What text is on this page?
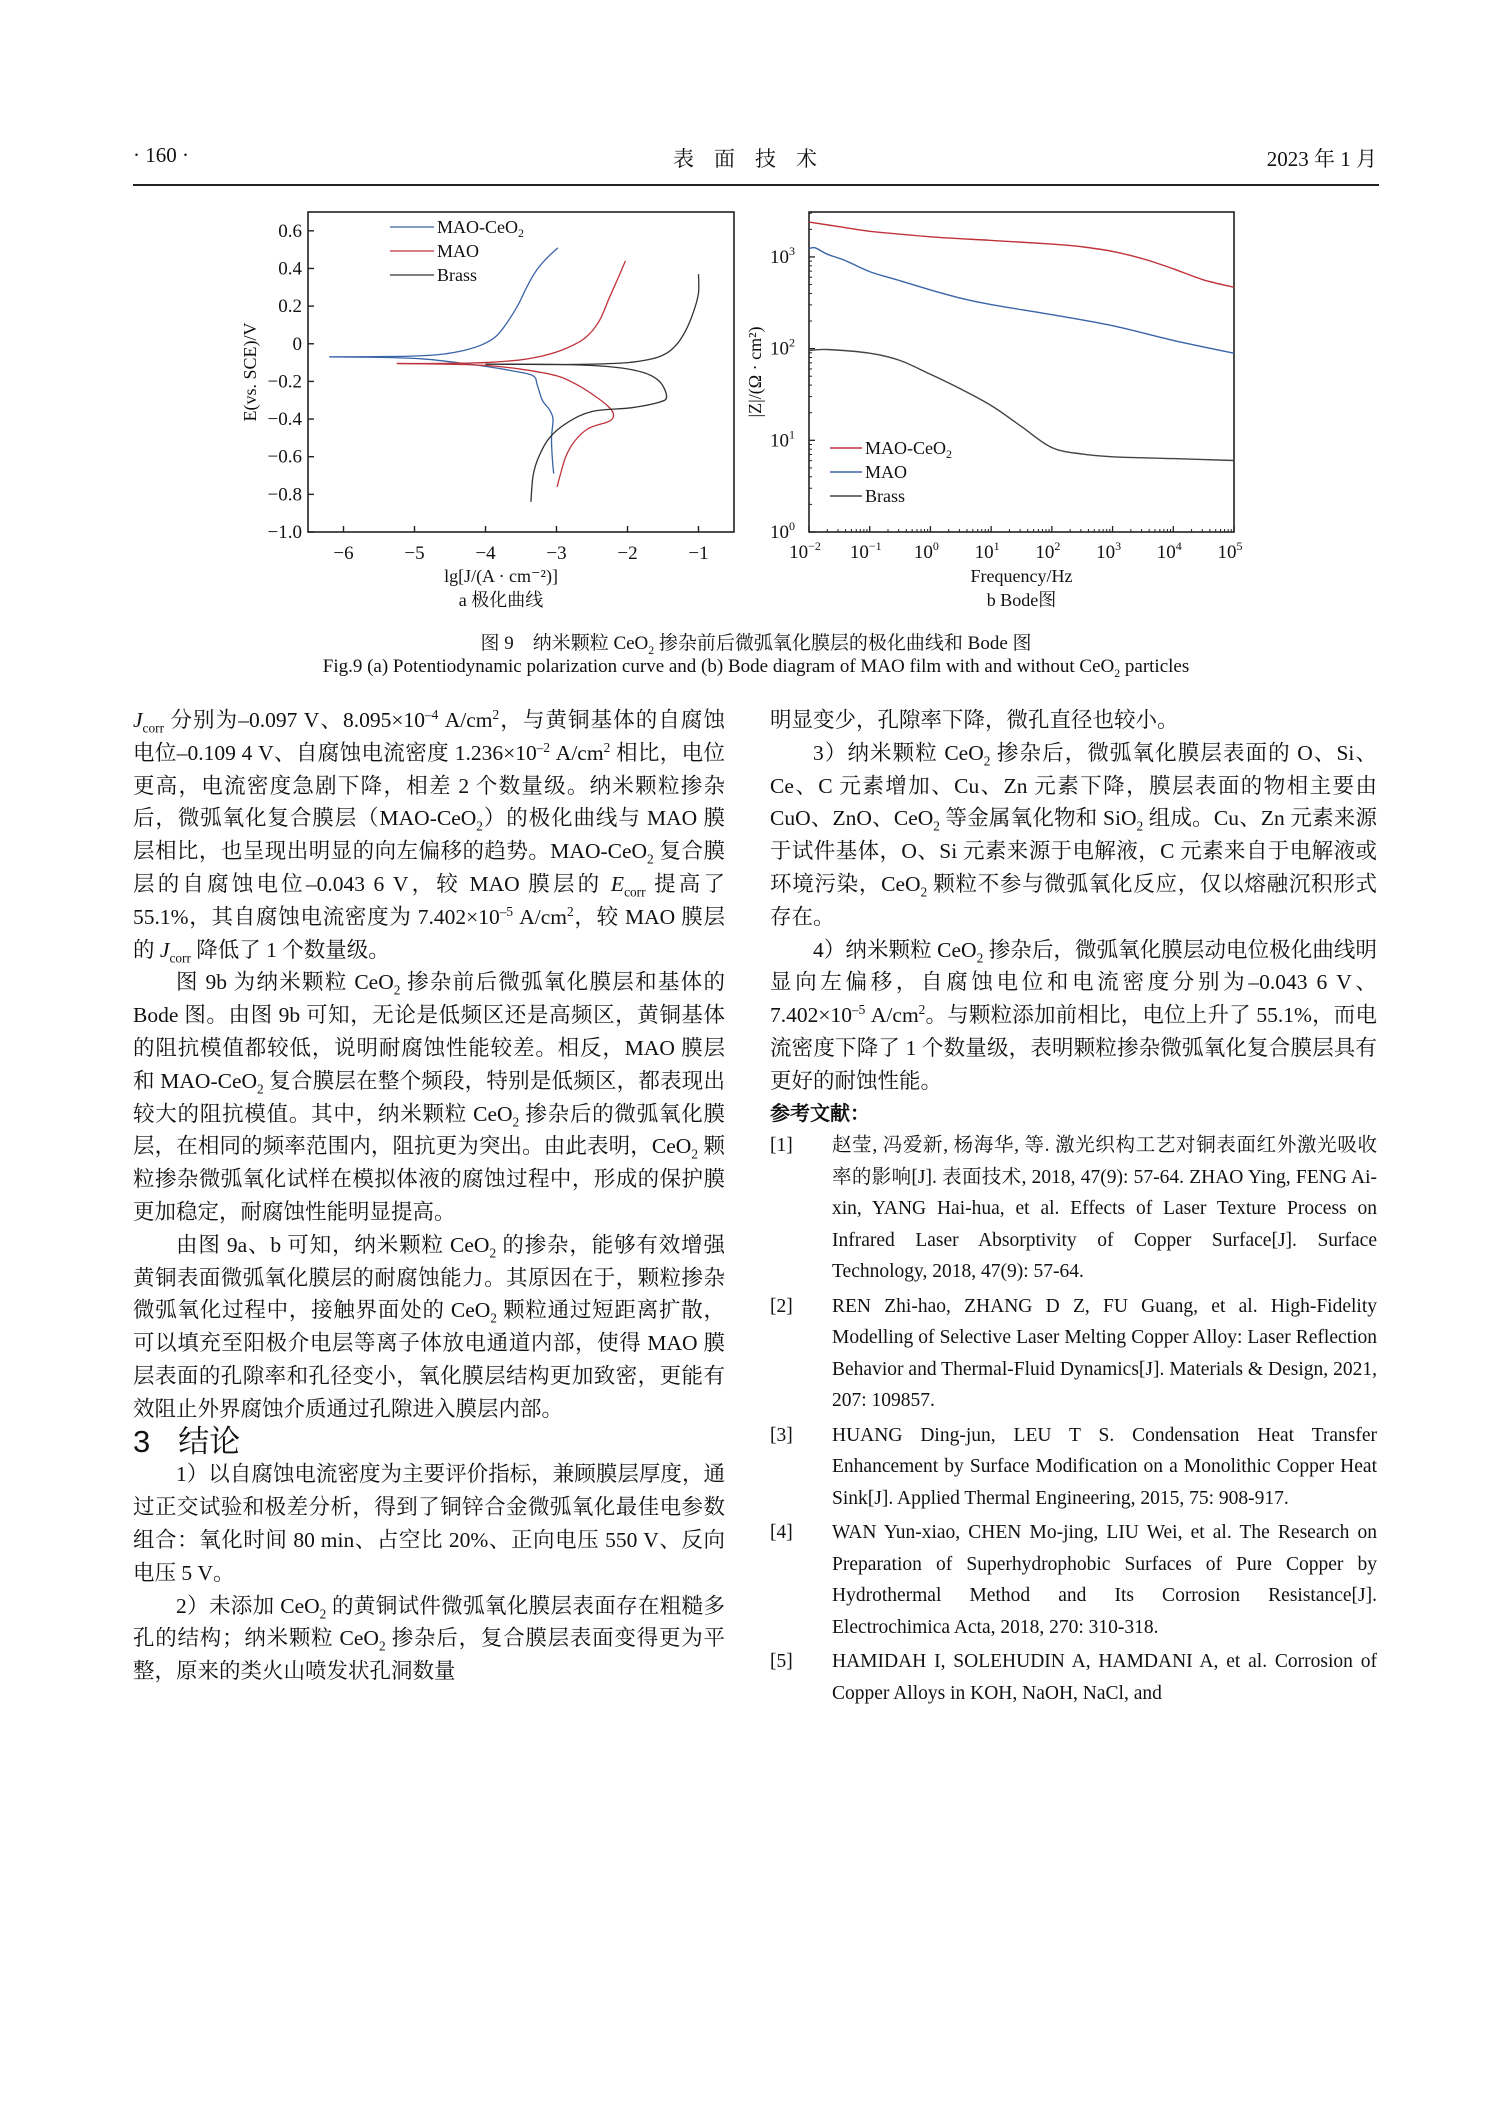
· 160 ·	表面技术	2023 年 1 月
−6	−5	−4	−3	−2	−1
0.6
0.4
0.2
0
−0.2
−0.4
−0.6
−0.8
−1.0
lg[J/(A · cm⁻²)]
E(vs. SCE)/V
a 极化曲线
MAO-CeO$_2$
MAO
Brass
$10^{-2}$ $10^{-1}$ $10^0$ $10^1$ $10^2$ $10^3$ $10^4$ $10^5$
$10^0$
$10^1$
$10^2$
$10^3$
Frequency/Hz
|Z|/(Ω · cm²)
b Bode图
MAO-CeO$_2$
MAO
Brass
图 9　纳米颗粒 CeO$_2$ 掺杂前后微弧氧化膜层的极化曲线和 Bode 图
Fig.9 (a) Potentiodynamic polarization curve and (b) Bode diagram of MAO film with and without CeO$_2$ particles

$J_{corr}$ 分别为–0.097 V、$8.095\times 10^{-4}$ $A/cm^2$，与黄铜基体的自腐蚀电位–0.109 4 V、自腐蚀电流密度 $1.236\times 10^{-2}$ $A/cm^2$ 相比，电位更高，电流密度急剧下降，相差 2 个数量级。纳米颗粒掺杂后，微弧氧化复合膜层（MAO-CeO$_2$）的极化曲线与 MAO 膜层相比，也呈现出明显的向左偏移的趋势。MAO-CeO$_2$ 复合膜层的自腐蚀电位–0.043 6 V，较 MAO 膜层的 $E_{corr}$ 提高了 55.1%，其自腐蚀电流密度为 $7.402\times 10^{-5}$ $A/cm^2$，较 MAO 膜层的 $J_{corr}$ 降低了 1 个数量级。

图 9b 为纳米颗粒 CeO$_2$ 掺杂前后微弧氧化膜层和基体的 Bode 图。由图 9b 可知，无论是低频区还是高频区，黄铜基体的阻抗模值都较低，说明耐腐蚀性能较差。相反，MAO 膜层和 MAO-CeO$_2$ 复合膜层在整个频段，特别是低频区，都表现出较大的阻抗模值。其中，纳米颗粒 CeO$_2$ 掺杂后的微弧氧化膜层，在相同的频率范围内，阻抗更为突出。由此表明，CeO$_2$ 颗粒掺杂微弧氧化试样在模拟体液的腐蚀过程中，形成的保护膜更加稳定，耐腐蚀性能明显提高。

由图 9a、b 可知，纳米颗粒 CeO$_2$ 的掺杂，能够有效增强黄铜表面微弧氧化膜层的耐腐蚀能力。其原因在于，颗粒掺杂微弧氧化过程中，接触界面处的 CeO$_2$ 颗粒通过短距离扩散，可以填充至阳极介电层等离子体放电通道内部，使得 MAO 膜层表面的孔隙率和孔径变小，氧化膜层结构更加致密，更能有效阻止外界腐蚀介质通过孔隙进入膜层内部。

3 结论

1）以自腐蚀电流密度为主要评价指标，兼顾膜层厚度，通过正交试验和极差分析，得到了铜锌合金微弧氧化最佳电参数组合：氧化时间 80 min、占空比 20%、正向电压 550 V、反向电压 5 V。

2）未添加 CeO$_2$ 的黄铜试件微弧氧化膜层表面存在粗糙多孔的结构；纳米颗粒 CeO$_2$ 掺杂后，复合膜层表面变得更为平整，原来的类火山喷发状孔洞数量

明显变少，孔隙率下降，微孔直径也较小。

3）纳米颗粒 CeO$_2$ 掺杂后，微弧氧化膜层表面的 O、Si、Ce、C 元素增加、Cu、Zn 元素下降，膜层表面的物相主要由 CuO、ZnO、CeO$_2$ 等金属氧化物和 SiO$_2$ 组成。Cu、Zn 元素来源于试件基体，O、Si 元素来源于电解液，C 元素来自于电解液或环境污染，CeO$_2$ 颗粒不参与微弧氧化反应，仅以熔融沉积形式存在。

4）纳米颗粒 CeO$_2$ 掺杂后，微弧氧化膜层动电位极化曲线明显向左偏移，自腐蚀电位和电流密度分别为–0.043 6 V、$7.402\times 10^{-5}$ $A/cm^2$。与颗粒添加前相比，电位上升了 55.1%，而电流密度下降了 1 个数量级，表明颗粒掺杂微弧氧化复合膜层具有更好的耐蚀性能。

参考文献：

[1]	赵莹, 冯爱新, 杨海华, 等. 激光织构工艺对铜表面红外激光吸收率的影响[J]. 表面技术, 2018, 47(9): 57-64. ZHAO Ying, FENG Ai-xin, YANG Hai-hua, et al. Effects of Laser Texture Process on Infrared Laser Absorptivity of Copper Surface[J]. Surface Technology, 2018, 47(9): 57-64.
[2]	REN Zhi-hao, ZHANG D Z, FU Guang, et al. High-Fidelity Modelling of Selective Laser Melting Copper Alloy: Laser Reflection Behavior and Thermal-Fluid Dynamics[J]. Materials & Design, 2021, 207: 109857.
[3]	HUANG Ding-jun, LEU T S. Condensation Heat Transfer Enhancement by Surface Modification on a Monolithic Copper Heat Sink[J]. Applied Thermal Engineering, 2015, 75: 908-917.
[4]	WAN Yun-xiao, CHEN Mo-jing, LIU Wei, et al. The Research on Preparation of Superhydrophobic Surfaces of Pure Copper by Hydrothermal Method and Its Corrosion Resistance[J]. Electrochimica Acta, 2018, 270: 310-318.
[5]	HAMIDAH I, SOLEHUDIN A, HAMDANI A, et al. Corrosion of Copper Alloys in KOH, NaOH, NaCl, and
